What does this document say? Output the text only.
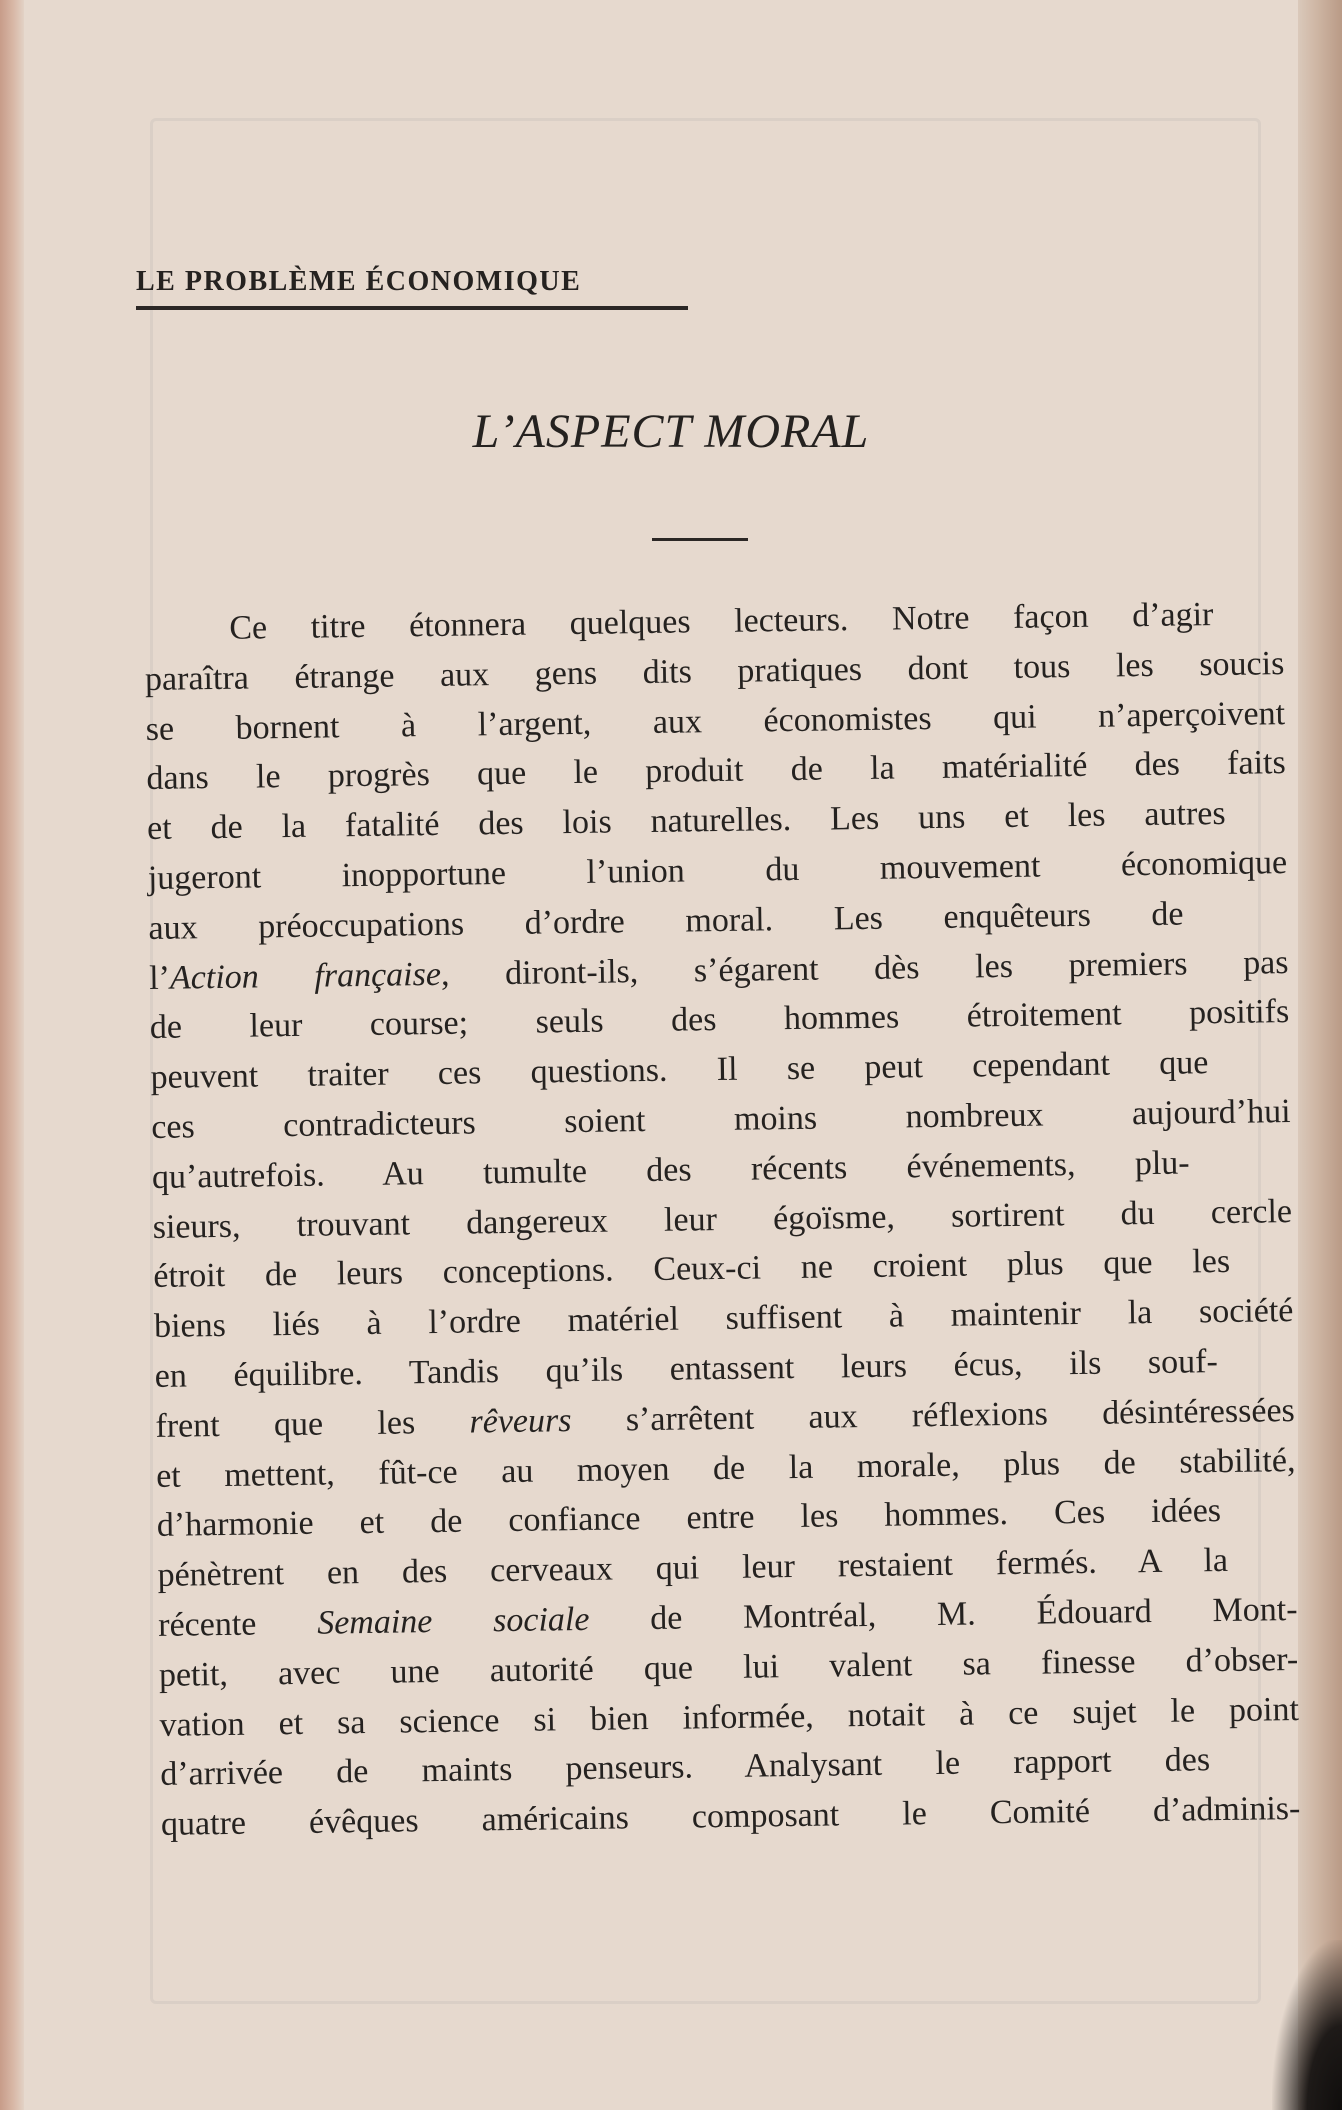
LE PROBLÈME ÉCONOMIQUE
L’ASPECT MORAL
Ce titre étonnera quelques lecteurs. Notre façon d’agir
paraîtra étrange aux gens dits pratiques dont tous les soucis
se bornent à l’argent, aux économistes qui n’aperçoivent
dans le progrès que le produit de la matérialité des faits
et de la fatalité des lois naturelles. Les uns et les autres
jugeront inopportune l’union du mouvement économique
aux préoccupations d’ordre moral. Les enquêteurs de
l’Action française, diront-ils, s’égarent dès les premiers pas
de leur course; seuls des hommes étroitement positifs
peuvent traiter ces questions. Il se peut cependant que
ces contradicteurs soient moins nombreux aujourd’hui
qu’autrefois. Au tumulte des récents événements, plu-
sieurs, trouvant dangereux leur égoïsme, sortirent du cercle
étroit de leurs conceptions. Ceux-ci ne croient plus que les
biens liés à l’ordre matériel suffisent à maintenir la société
en équilibre. Tandis qu’ils entassent leurs écus, ils souf-
frent que les rêveurs s’arrêtent aux réflexions désintéressées
et mettent, fût-ce au moyen de la morale, plus de stabilité,
d’harmonie et de confiance entre les hommes. Ces idées
pénètrent en des cerveaux qui leur restaient fermés. A la
récente Semaine sociale de Montréal, M. Édouard Mont-
petit, avec une autorité que lui valent sa finesse d’obser-
vation et sa science si bien informée, notait à ce sujet le point
d’arrivée de maints penseurs. Analysant le rapport des
quatre évêques américains composant le Comité d’adminis-
